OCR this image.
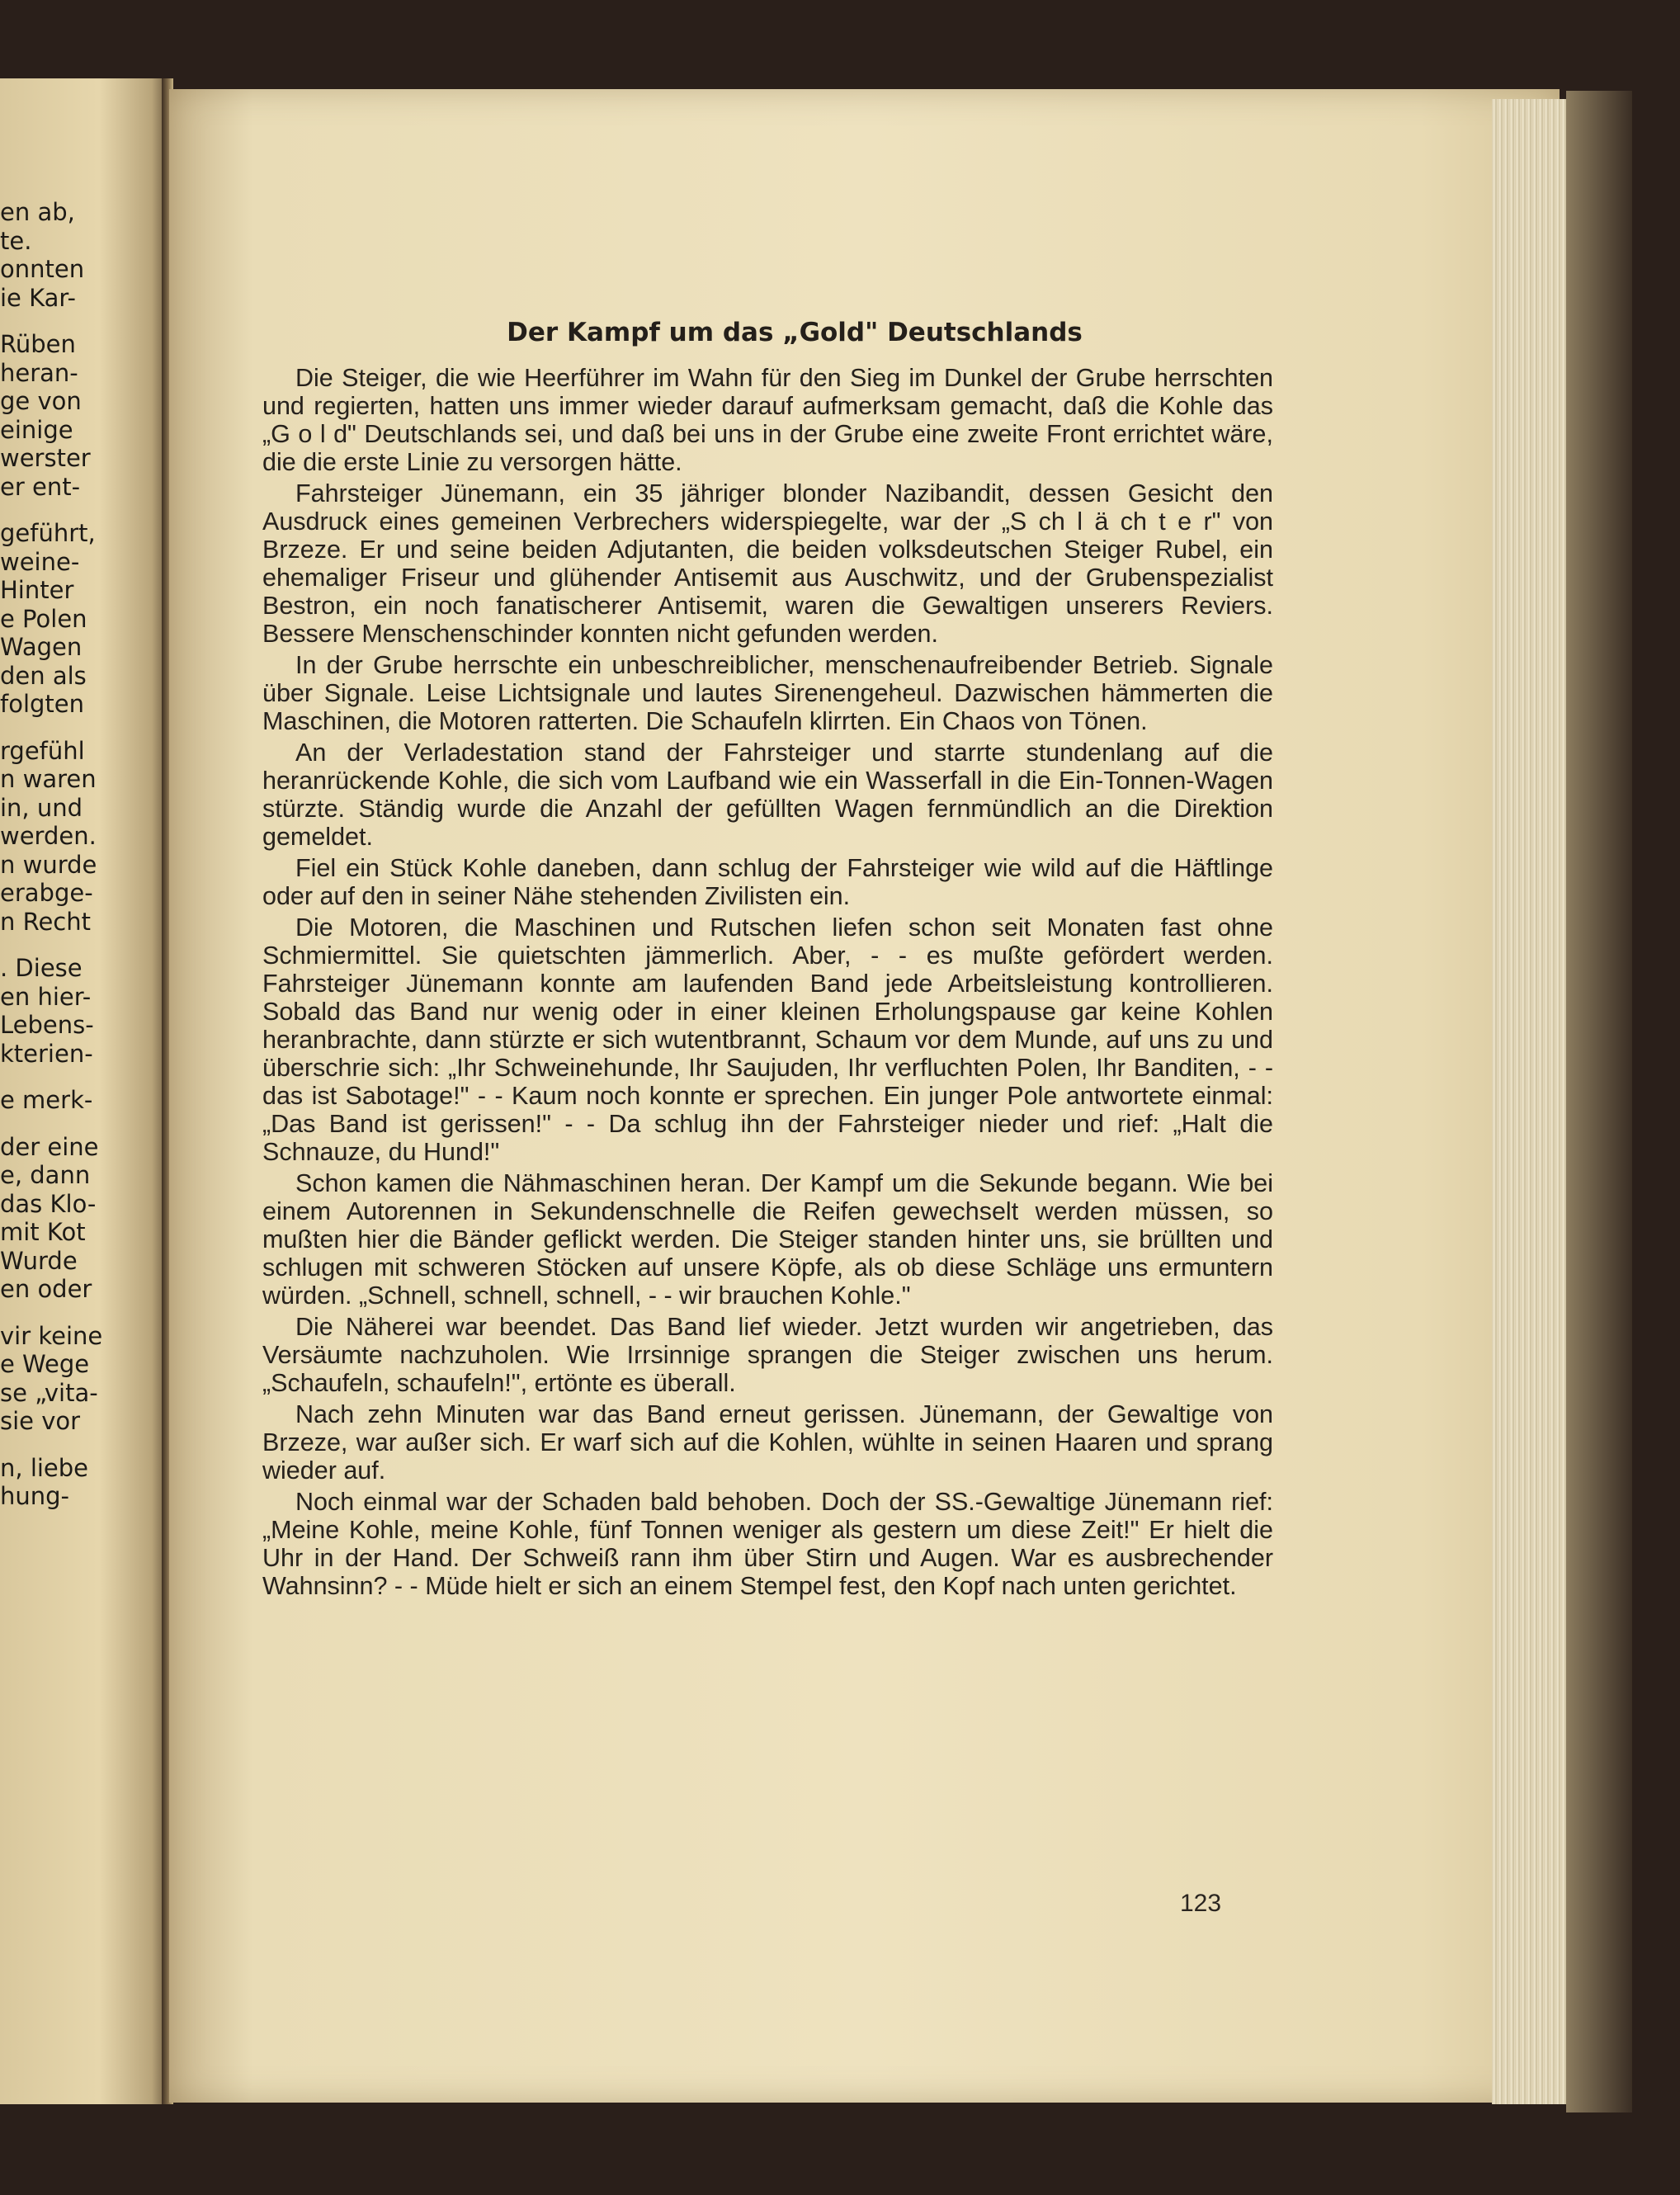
en ab,
te.
onnten
ie Kar-
Rüben
heran-
ge von
einige
werster
er ent-
geführt,
weine-
Hinter
e Polen
Wagen
den als
folgten
rgefühl
n waren
in, und
werden.
n wurde
erabge-
n Recht
. Diese
en hier-
Lebens-
kterien-
e merk-
der eine
e, dann
das Klo-
mit Kot
Wurde
en oder
vir keine
e Wege
se „vita-
sie vor
n, liebe
hung-
Der Kampf um das „Gold" Deutschlands

Die Steiger, die wie Heerführer im Wahn für den Sieg im Dunkel der Grube herrschten und regierten, hatten uns immer wieder darauf aufmerksam gemacht, daß die Kohle das „G o l d" Deutschlands sei, und daß bei uns in der Grube eine zweite Front errichtet wäre, die die erste Linie zu versorgen hätte.

Fahrsteiger Jünemann, ein 35 jähriger blonder Nazibandit, dessen Gesicht den Ausdruck eines gemeinen Verbrechers widerspiegelte, war der „S ch l ä ch t e r" von Brzeze. Er und seine beiden Adjutanten, die beiden volksdeutschen Steiger Rubel, ein ehemaliger Friseur und glühender Antisemit aus Auschwitz, und der Grubenspezialist Bestron, ein noch fanatischerer Antisemit, waren die Gewaltigen unserers Reviers. Bessere Menschenschinder konnten nicht gefunden werden.

In der Grube herrschte ein unbeschreiblicher, menschenaufreibender Betrieb. Signale über Signale. Leise Lichtsignale und lautes Sirenengeheul. Dazwischen hämmerten die Maschinen, die Motoren ratterten. Die Schaufeln klirrten. Ein Chaos von Tönen.

An der Verladestation stand der Fahrsteiger und starrte stundenlang auf die heranrückende Kohle, die sich vom Laufband wie ein Wasserfall in die Ein-Tonnen-Wagen stürzte. Ständig wurde die Anzahl der gefüllten Wagen fernmündlich an die Direktion gemeldet.

Fiel ein Stück Kohle daneben, dann schlug der Fahrsteiger wie wild auf die Häftlinge oder auf den in seiner Nähe stehenden Zivilisten ein.

Die Motoren, die Maschinen und Rutschen liefen schon seit Monaten fast ohne Schmiermittel. Sie quietschten jämmerlich. Aber, - - es mußte gefördert werden. Fahrsteiger Jünemann konnte am laufenden Band jede Arbeitsleistung kontrollieren. Sobald das Band nur wenig oder in einer kleinen Erholungspause gar keine Kohlen heranbrachte, dann stürzte er sich wutentbrannt, Schaum vor dem Munde, auf uns zu und überschrie sich: „Ihr Schweinehunde, Ihr Saujuden, Ihr verfluchten Polen, Ihr Banditen, - - das ist Sabotage!" - - Kaum noch konnte er sprechen. Ein junger Pole antwortete einmal: „Das Band ist gerissen!" - - Da schlug ihn der Fahrsteiger nieder und rief: „Halt die Schnauze, du Hund!"

Schon kamen die Nähmaschinen heran. Der Kampf um die Sekunde begann. Wie bei einem Autorennen in Sekundenschnelle die Reifen gewechselt werden müssen, so mußten hier die Bänder geflickt werden. Die Steiger standen hinter uns, sie brüllten und schlugen mit schweren Stöcken auf unsere Köpfe, als ob diese Schläge uns ermuntern würden. „Schnell, schnell, schnell, - - wir brauchen Kohle."

Die Näherei war beendet. Das Band lief wieder. Jetzt wurden wir angetrieben, das Versäumte nachzuholen. Wie Irrsinnige sprangen die Steiger zwischen uns herum. „Schaufeln, schaufeln!", ertönte es überall.

Nach zehn Minuten war das Band erneut gerissen. Jünemann, der Gewaltige von Brzeze, war außer sich. Er warf sich auf die Kohlen, wühlte in seinen Haaren und sprang wieder auf.

Noch einmal war der Schaden bald behoben. Doch der SS.-Gewaltige Jünemann rief: „Meine Kohle, meine Kohle, fünf Tonnen weniger als gestern um diese Zeit!" Er hielt die Uhr in der Hand. Der Schweiß rann ihm über Stirn und Augen. War es ausbrechender Wahnsinn? - - Müde hielt er sich an einem Stempel fest, den Kopf nach unten gerichtet.

123
